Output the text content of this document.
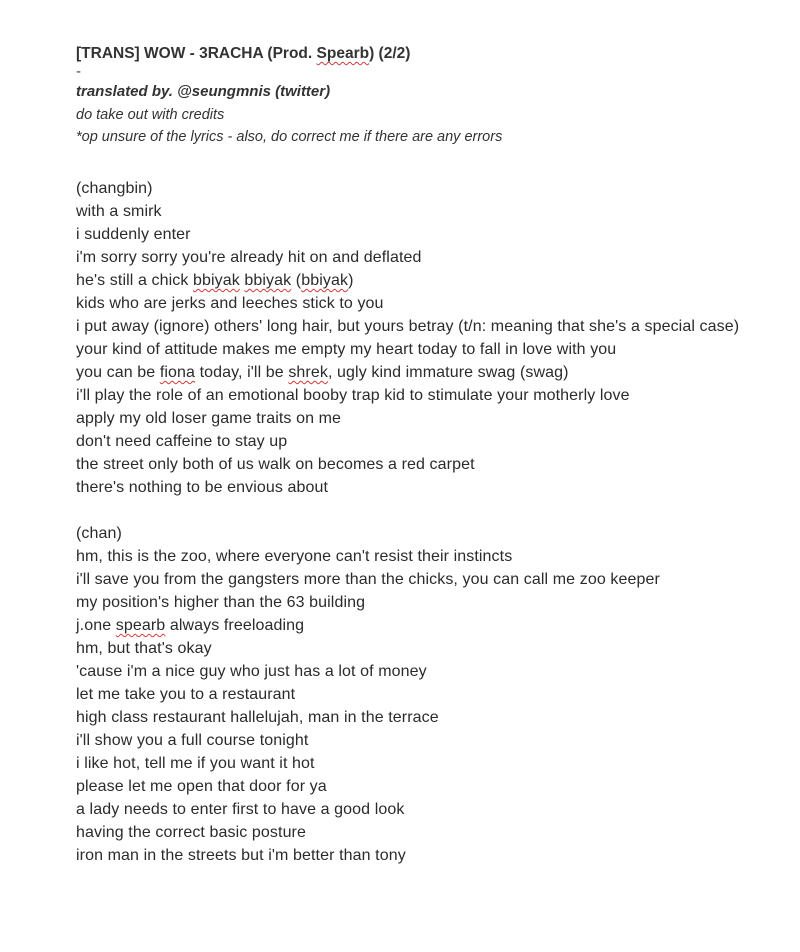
[TRANS] WOW - 3RACHA (Prod. Spearb) (2/2)
-
translated by. @seungmnis (twitter)
do take out with credits
*op unsure of the lyrics - also, do correct me if there are any errors
(changbin)
with a smirk
i suddenly enter
i'm sorry sorry you're already hit on and deflated
he's still a chick bbiyak bbiyak (bbiyak)
kids who are jerks and leeches stick to you
i put away (ignore) others' long hair, but yours betray (t/n: meaning that she's a special case)
your kind of attitude makes me empty my heart today to fall in love with you
you can be fiona today, i'll be shrek, ugly kind immature swag (swag)
i'll play the role of an emotional booby trap kid to stimulate your motherly love
apply my old loser game traits on me
don't need caffeine to stay up
the street only both of us walk on becomes a red carpet
there's nothing to be envious about
(chan)
hm, this is the zoo, where everyone can't resist their instincts
i'll save you from the gangsters more than the chicks, you can call me zoo keeper
my position's higher than the 63 building
j.one spearb always freeloading
hm, but that's okay
'cause i'm a nice guy who just has a lot of money
let me take you to a restaurant
high class restaurant hallelujah, man in the terrace
i'll show you a full course tonight
i like hot, tell me if you want it hot
please let me open that door for ya
a lady needs to enter first to have a good look
having the correct basic posture
iron man in the streets but i'm better than tony
